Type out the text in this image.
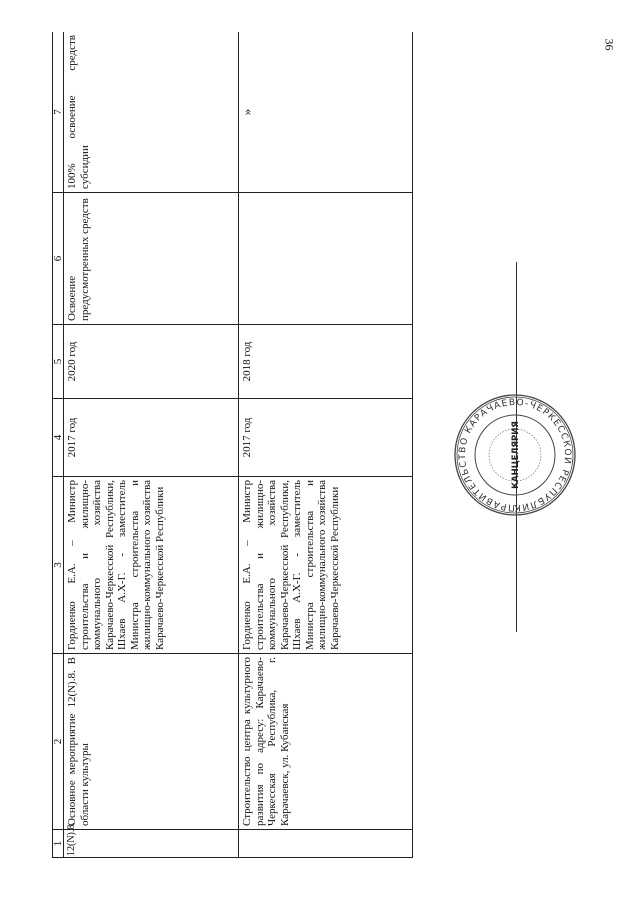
36
1	2	3	4	5	6	7
12(N).8.	Основное мероприятие 12(N).8. В области культуры	Гордиенко Е.А. – Министр строительства и жилищно-коммунального хозяйства Карачаево-Черкесской Республики, Шхаев А.Х-Г. - заместитель Министра строительства и жилищно-коммунального хозяйства Карачаево-Черкесской Республики	2017 год	2020 год	Освоение предусмотренных средств	100% освоение средств субсидии
	Строительство центра культурного развития по адресу: Карачаево-Черкесская Республика, г. Карачаевск, ул. Кубанская	Гордиенко Е.А. – Министр строительства и жилищно-коммунального хозяйства Карачаево-Черкесской Республики, Шхаев А.Х-Г. - заместитель Министра строительства и жилищно-коммунального хозяйства Карачаево-Черкесской Республики	2017 год	2018 год		»
ПРАВИТЕЛЬСТВО КАРАЧАЕВО-ЧЕРКЕССКОЙ РЕСПУБЛИК
КАНЦЕЛЯРИЯ
